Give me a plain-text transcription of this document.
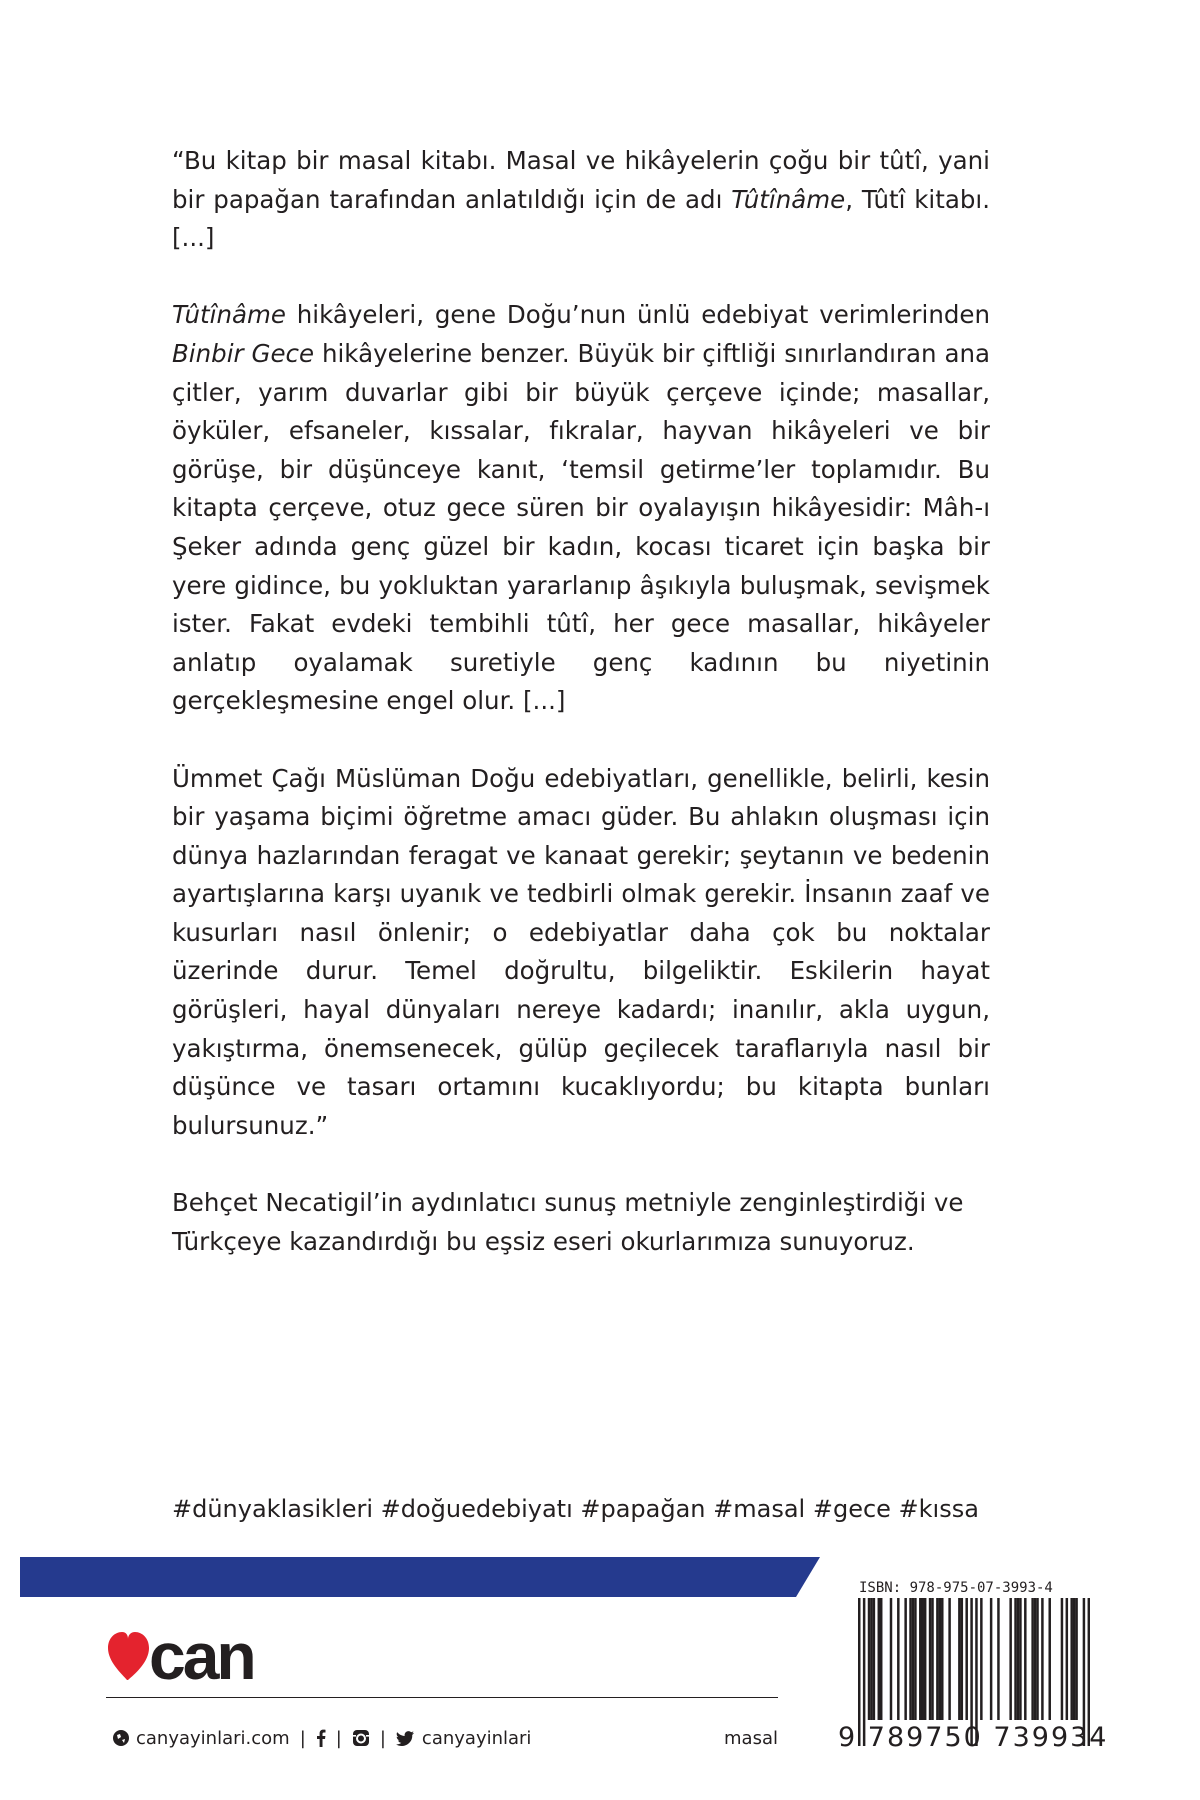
“Bu kitap bir masal kitabı. Masal ve hikâyelerin çoğu bir tûtî, yani bir papağan tarafından anlatıldığı için de adı Tûtînâme, Tûtî kitabı. [...]

Tûtînâme hikâyeleri, gene Doğu’nun ünlü edebiyat verimlerinden Binbir Gece hikâyelerine benzer. Büyük bir çiftliği sınırlandıran ana çitler, yarım duvarlar gibi bir büyük çerçeve içinde; masallar, öyküler, efsaneler, kıssalar, fıkralar, hayvan hikâyeleri ve bir görüşe, bir düşünceye kanıt, ‘temsil getirme’ler toplamıdır. Bu kitapta çerçeve, otuz gece süren bir oyalayışın hikâyesidir: Mâh-ı Şeker adında genç güzel bir kadın, kocası ticaret için başka bir yere gidince, bu yokluktan yararlanıp âşıkıyla buluşmak, sevişmek ister. Fakat evdeki tembihli tûtî, her gece masallar, hikâyeler anlatıp oyalamak suretiyle genç kadının bu niyetinin gerçekleşmesine engel olur. [...]

Ümmet Çağı Müslüman Doğu edebiyatları, genellikle, belirli, kesin bir yaşama biçimi öğretme amacı güder. Bu ahlakın oluşması için dünya hazlarından feragat ve kanaat gerekir; şeytanın ve bedenin ayartışlarına karşı uyanık ve tedbirli olmak gerekir. İnsanın zaaf ve kusurları nasıl önlenir; o edebiyatlar daha çok bu noktalar üzerinde durur. Temel doğrultu, bilgeliktir. Eskilerin hayat görüşleri, hayal dünyaları nereye kadardı; inanılır, akla uygun, yakıştırma, önemsenecek, gülüp geçilecek taraflarıyla nasıl bir düşünce ve tasarı ortamını kucaklıyordu; bu kitapta bunları bulursunuz.”

Behçet Necatigil’in aydınlatıcı sunuş metniyle zenginleştirdiği ve Türkçeye kazandırdığı bu eşsiz eseri okurlarımıza sunuyoruz.

#dünyaklasikleri #doğuedebiyatı #papağan #masal #gece #kıssa
can
canyayinlari.com | | | canyayinlari	masal
ISBN: 978-975-07-3993-4
9 789750 739934
